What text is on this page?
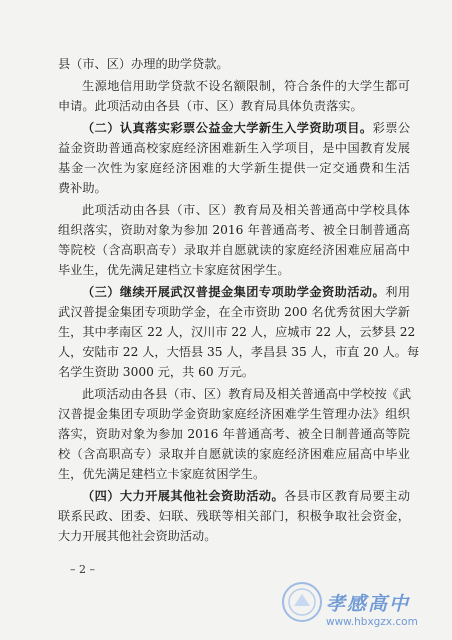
县（市、区）办理的助学贷款。
生源地信用助学贷款不设名额限制，符合条件的大学生都可
申请。此项活动由各县（市、区）教育局具体负责落实。
（二）认真落实彩票公益金大学新生入学资助项目。彩票公
益金资助普通高校家庭经济困难新生入学项目，是中国教育发展
基金一次性为家庭经济困难的大学新生提供一定交通费和生活
费补助。
此项活动由各县（市、区）教育局及相关普通高中学校具体
组织落实，资助对象为参加 2016 年普通高考、被全日制普通高
等院校（含高职高专）录取并自愿就读的家庭经济困难应届高中
毕业生，优先满足建档立卡家庭贫困学生。
（三）继续开展武汉普提金集团专项助学金资助活动。利用
武汉普提金集团专项助学金，在全市资助 200 名优秀贫困大学新
生，其中孝南区 22 人，汉川市 22 人，应城市 22 人，云梦县 22
人，安陆市 22 人，大悟县 35 人，孝昌县 35 人，市直 20 人。每
名学生资助 3000 元，共 60 万元。
此项活动由各县（市、区）教育局及相关普通高中学校按《武
汉普提金集团专项助学金资助家庭经济困难学生管理办法》组织
落实，资助对象为参加 2016 年普通高考、被全日制普通高等院
校（含高职高专）录取并自愿就读的家庭经济困难应届高中毕业
生，优先满足建档立卡家庭贫困学生。
（四）大力开展其他社会资助活动。各县市区教育局要主动
联系民政、团委、妇联、残联等相关部门，积极争取社会资金，
大力开展其他社会资助活动。
– 2 –
孝感高中
www.hbxgzx.com
